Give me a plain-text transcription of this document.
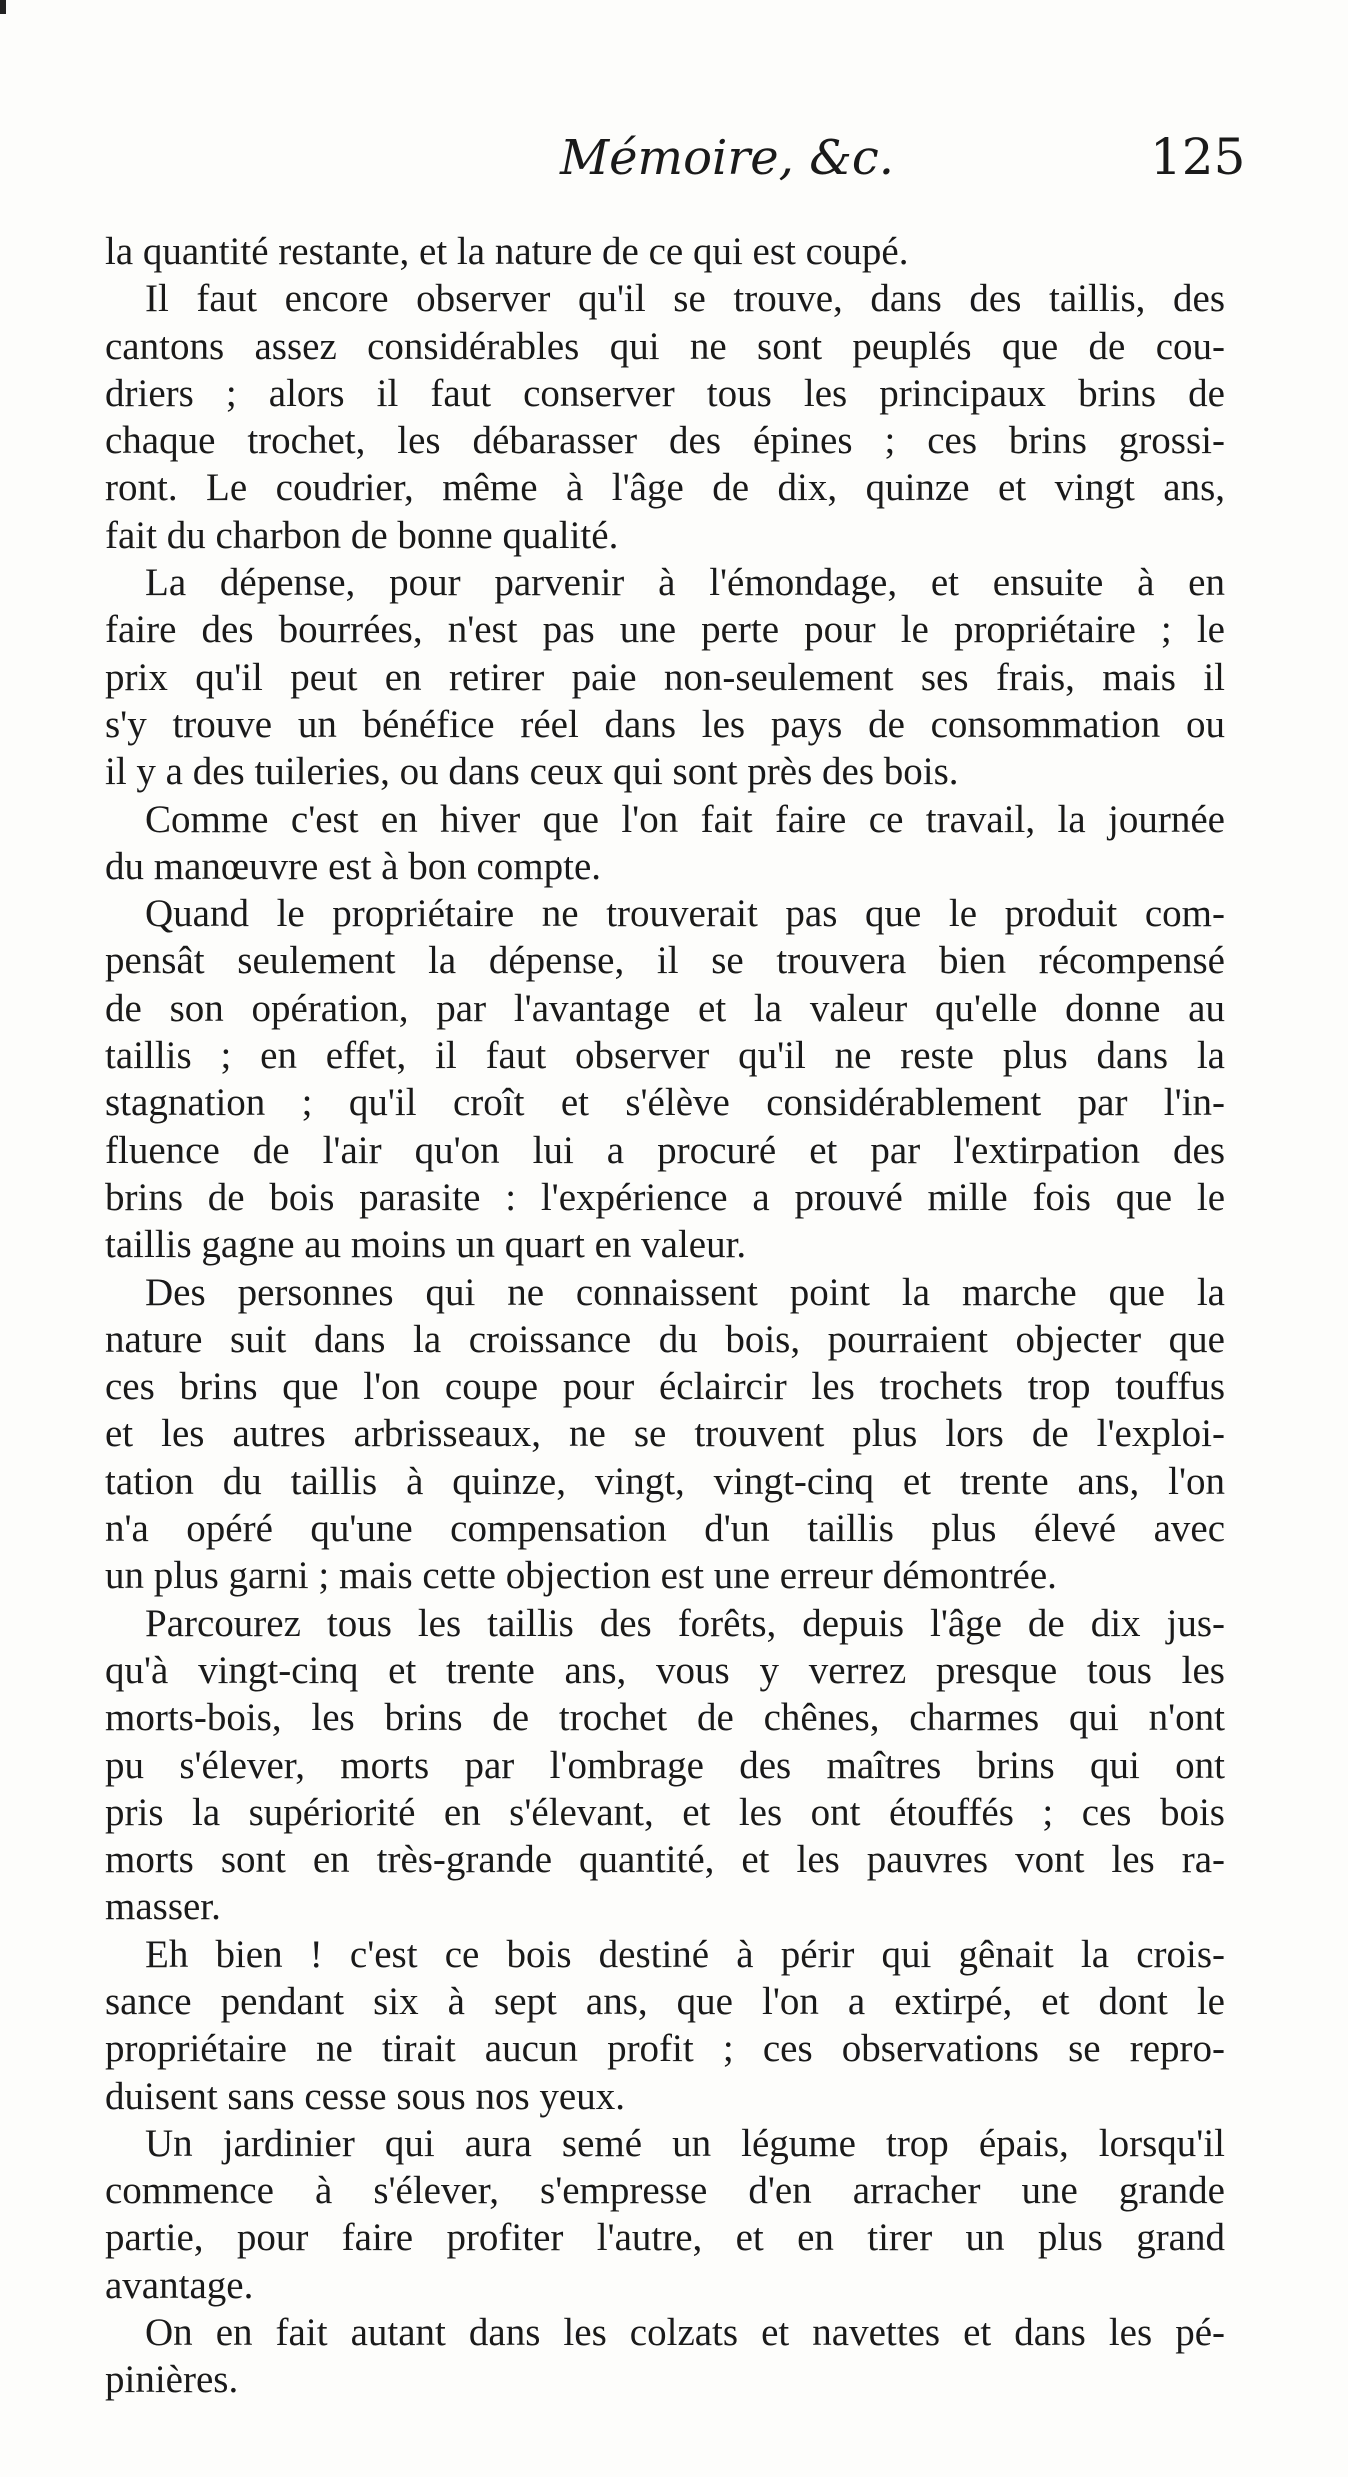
Mémoire, &c.	125
la quantité restante, et la nature de ce qui est coupé.
Il faut encore observer qu'il se trouve, dans des taillis, des
cantons assez considérables qui ne sont peuplés que de cou-
driers ; alors il faut conserver tous les principaux brins de
chaque trochet, les débarasser des épines ; ces brins grossi-
ront. Le coudrier, même à l'âge de dix, quinze et vingt ans,
fait du charbon de bonne qualité.
La dépense, pour parvenir à l'émondage, et ensuite à en
faire des bourrées, n'est pas une perte pour le propriétaire ; le
prix qu'il peut en retirer paie non-seulement ses frais, mais il
s'y trouve un bénéfice réel dans les pays de consommation ou
il y a des tuileries, ou dans ceux qui sont près des bois.
Comme c'est en hiver que l'on fait faire ce travail, la journée
du manœuvre est à bon compte.
Quand le propriétaire ne trouverait pas que le produit com-
pensât seulement la dépense, il se trouvera bien récompensé
de son opération, par l'avantage et la valeur qu'elle donne au
taillis ; en effet, il faut observer qu'il ne reste plus dans la
stagnation ; qu'il croît et s'élève considérablement par l'in-
fluence de l'air qu'on lui a procuré et par l'extirpation des
brins de bois parasite : l'expérience a prouvé mille fois que le
taillis gagne au moins un quart en valeur.
Des personnes qui ne connaissent point la marche que la
nature suit dans la croissance du bois, pourraient objecter que
ces brins que l'on coupe pour éclaircir les trochets trop touffus
et les autres arbrisseaux, ne se trouvent plus lors de l'exploi-
tation du taillis à quinze, vingt, vingt-cinq et trente ans, l'on
n'a opéré qu'une compensation d'un taillis plus élevé avec
un plus garni ; mais cette objection est une erreur démontrée.
Parcourez tous les taillis des forêts, depuis l'âge de dix jus-
qu'à vingt-cinq et trente ans, vous y verrez presque tous les
morts-bois, les brins de trochet de chênes, charmes qui n'ont
pu s'élever, morts par l'ombrage des maîtres brins qui ont
pris la supériorité en s'élevant, et les ont étouffés ; ces bois
morts sont en très-grande quantité, et les pauvres vont les ra-
masser.
Eh bien ! c'est ce bois destiné à périr qui gênait la crois-
sance pendant six à sept ans, que l'on a extirpé, et dont le
propriétaire ne tirait aucun profit ; ces observations se repro-
duisent sans cesse sous nos yeux.
Un jardinier qui aura semé un légume trop épais, lorsqu'il
commence à s'élever, s'empresse d'en arracher une grande
partie, pour faire profiter l'autre, et en tirer un plus grand
avantage.
On en fait autant dans les colzats et navettes et dans les pé-
pinières.
